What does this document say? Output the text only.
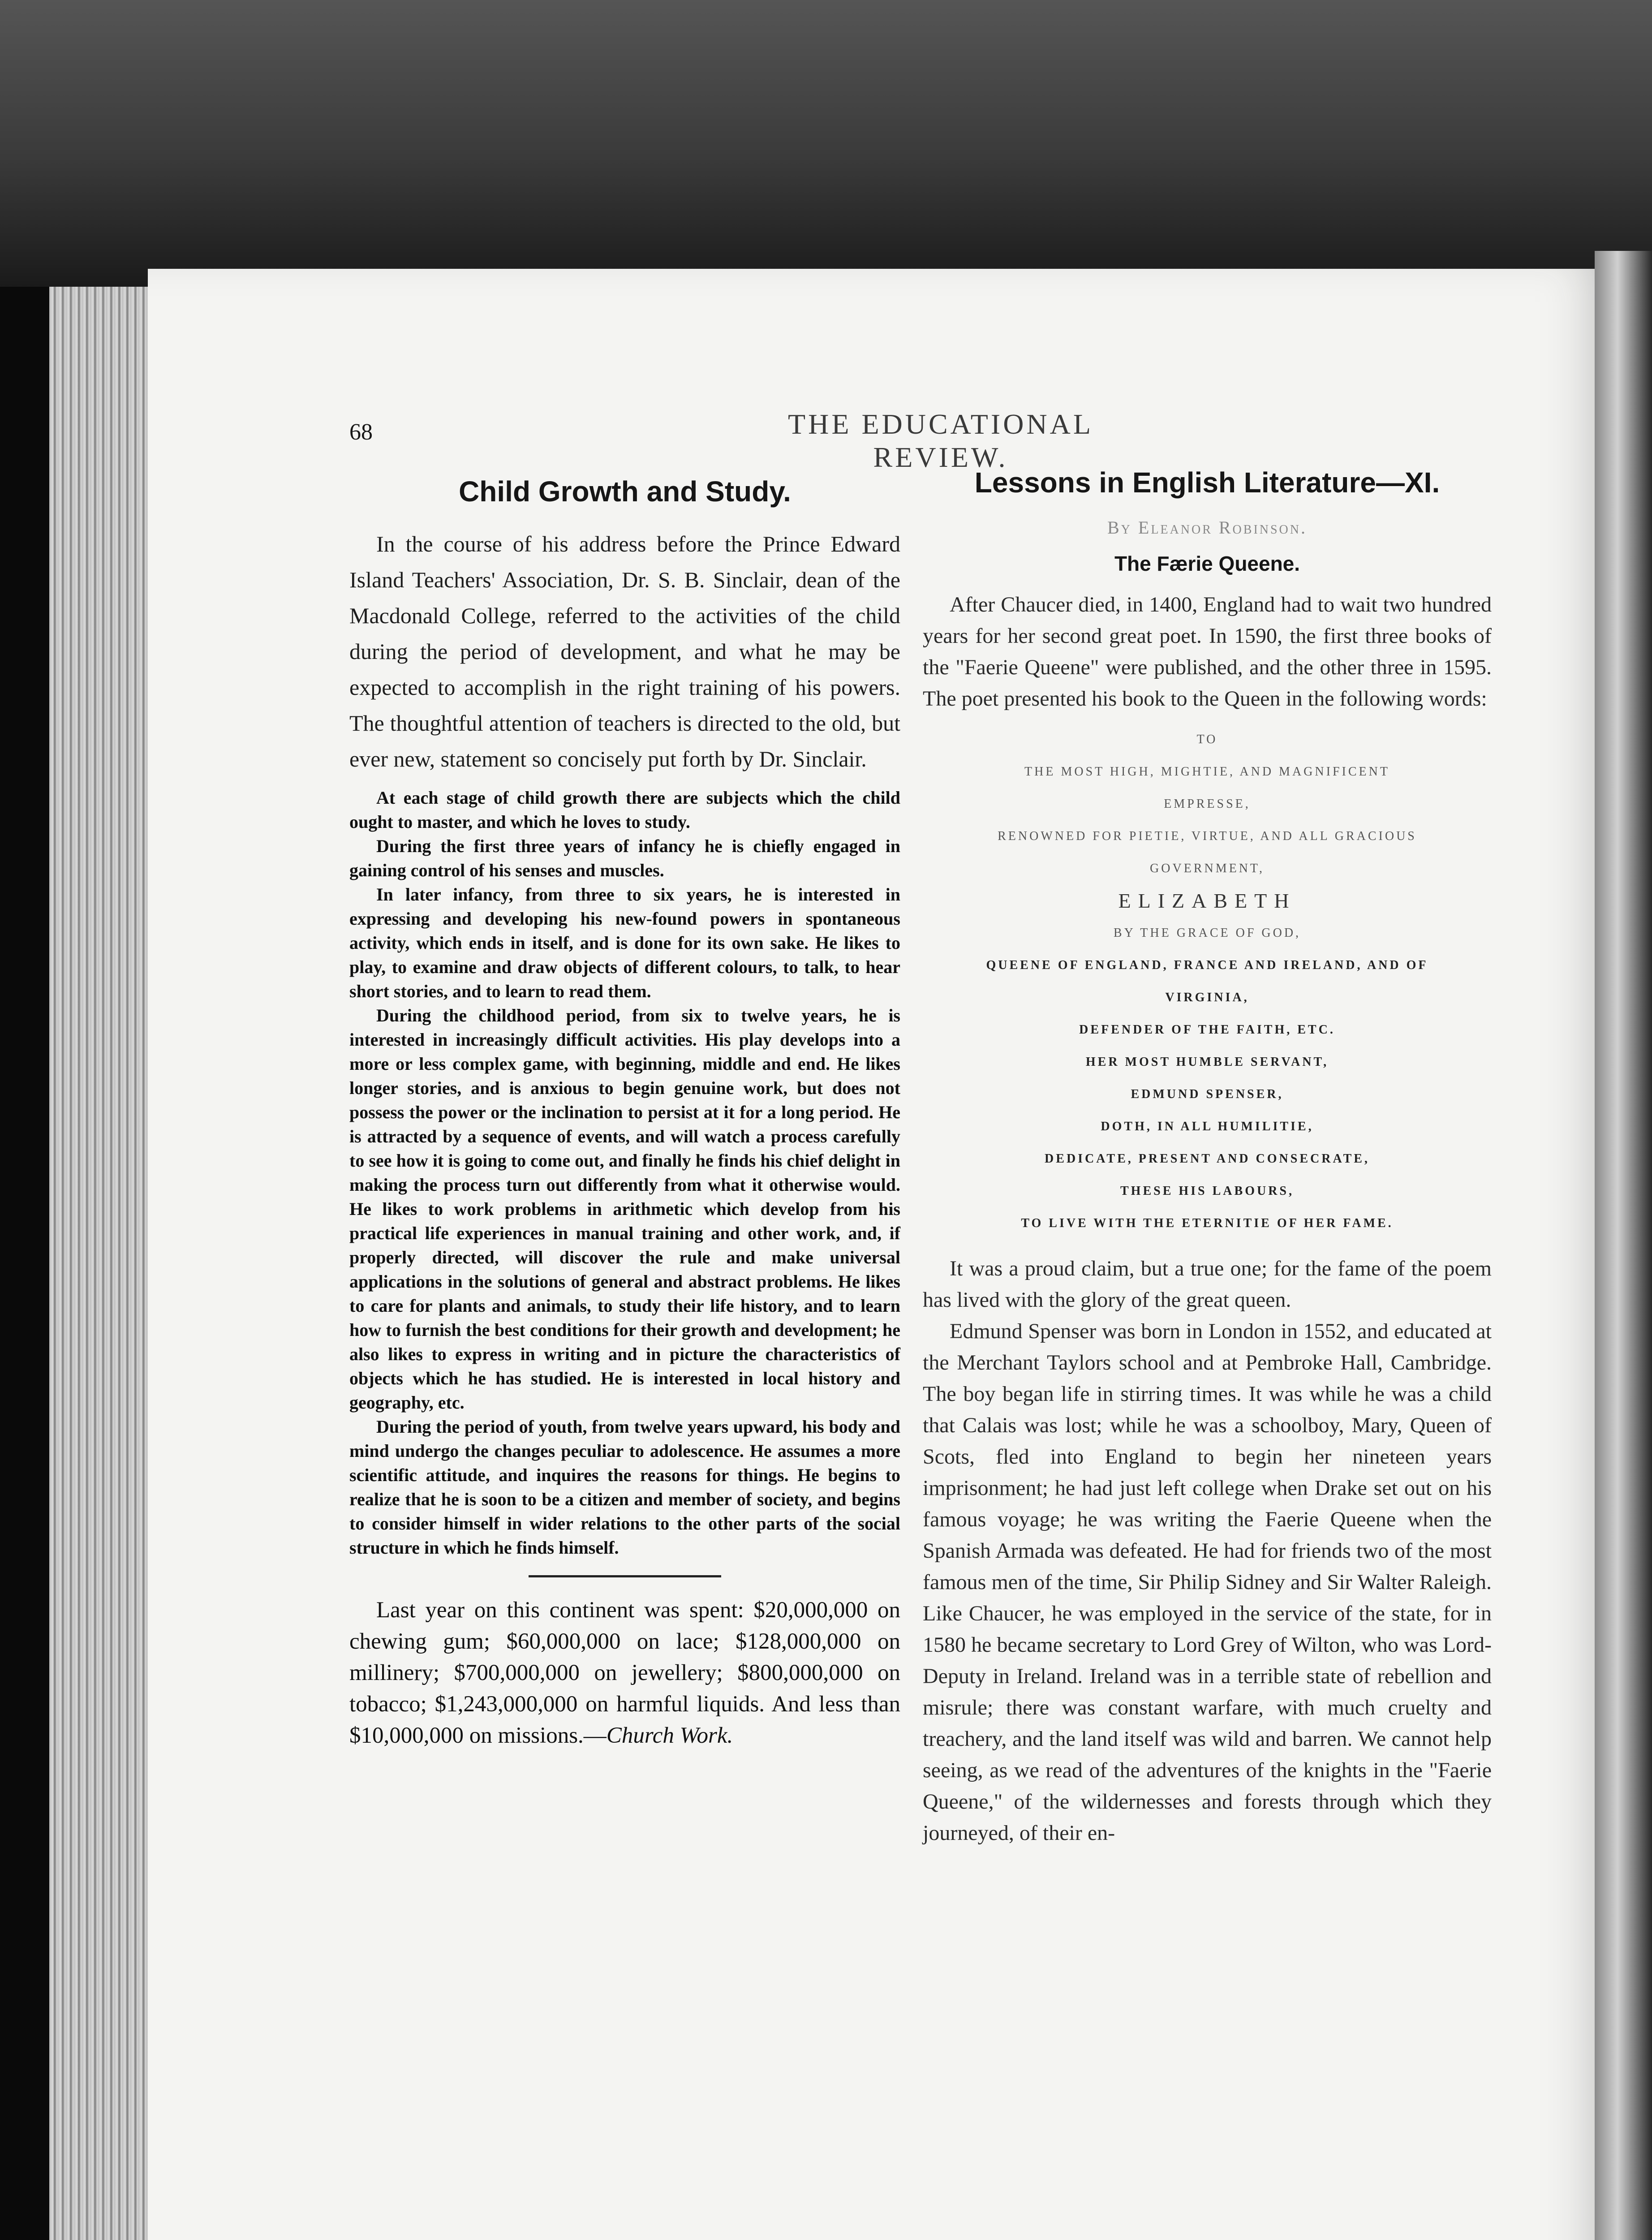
68	THE EDUCATIONAL REVIEW.

Child Growth and Study.

In the course of his address before the Prince Edward Island Teachers' Association, Dr. S. B. Sinclair, dean of the Macdonald College, referred to the activities of the child during the period of development, and what he may be expected to accomplish in the right training of his powers. The thoughtful attention of teachers is directed to the old, but ever new, statement so concisely put forth by Dr. Sinclair.

At each stage of child growth there are subjects which the child ought to master, and which he loves to study.

During the first three years of infancy he is chiefly engaged in gaining control of his senses and muscles.

In later infancy, from three to six years, he is interested in expressing and developing his new-found powers in spontaneous activity, which ends in itself, and is done for its own sake. He likes to play, to examine and draw objects of different colours, to talk, to hear short stories, and to learn to read them.

During the childhood period, from six to twelve years, he is interested in increasingly difficult activities. His play develops into a more or less complex game, with beginning, middle and end. He likes longer stories, and is anxious to begin genuine work, but does not possess the power or the inclination to persist at it for a long period. He is attracted by a sequence of events, and will watch a process carefully to see how it is going to come out, and finally he finds his chief delight in making the process turn out differently from what it otherwise would. He likes to work problems in arithmetic which develop from his practical life experiences in manual training and other work, and, if properly directed, will discover the rule and make universal applications in the solutions of general and abstract problems. He likes to care for plants and animals, to study their life history, and to learn how to furnish the best conditions for their growth and development; he also likes to express in writing and in picture the characteristics of objects which he has studied. He is interested in local history and geography, etc.

During the period of youth, from twelve years upward, his body and mind undergo the changes peculiar to adolescence. He assumes a more scientific attitude, and inquires the reasons for things. He begins to realize that he is soon to be a citizen and member of society, and begins to consider himself in wider relations to the other parts of the social structure in which he finds himself.

Last year on this continent was spent: $20,000,000 on chewing gum; $60,000,000 on lace; $128,000,000 on millinery; $700,000,000 on jewellery; $800,000,000 on tobacco; $1,243,000,000 on harmful liquids. And less than $10,000,000 on missions.—Church Work.

Lessons in English Literature—XI.

By Eleanor Robinson.

The Færie Queene.

After Chaucer died, in 1400, England had to wait two hundred years for her second great poet. In 1590, the first three books of the "Faerie Queene" were published, and the other three in 1595. The poet presented his book to the Queen in the following words:

TO
THE MOST HIGH, MIGHTIE, AND MAGNIFICENT
EMPRESSE,
RENOWNED FOR PIETIE, VIRTUE, AND ALL GRACIOUS
GOVERNMENT,
ELIZABETH
BY THE GRACE OF GOD,
QUEENE OF ENGLAND, FRANCE AND IRELAND, AND OF
VIRGINIA,
DEFENDER OF THE FAITH, ETC.
HER MOST HUMBLE SERVANT,
EDMUND SPENSER,
DOTH, IN ALL HUMILITIE,
DEDICATE, PRESENT AND CONSECRATE,
THESE HIS LABOURS,
TO LIVE WITH THE ETERNITIE OF HER FAME.

It was a proud claim, but a true one; for the fame of the poem has lived with the glory of the great queen.

Edmund Spenser was born in London in 1552, and educated at the Merchant Taylors school and at Pembroke Hall, Cambridge. The boy began life in stirring times. It was while he was a child that Calais was lost; while he was a schoolboy, Mary, Queen of Scots, fled into England to begin her nineteen years imprisonment; he had just left college when Drake set out on his famous voyage; he was writing the Faerie Queene when the Spanish Armada was defeated. He had for friends two of the most famous men of the time, Sir Philip Sidney and Sir Walter Raleigh. Like Chaucer, he was employed in the service of the state, for in 1580 he became secretary to Lord Grey of Wilton, who was Lord-Deputy in Ireland. Ireland was in a terrible state of rebellion and misrule; there was constant warfare, with much cruelty and treachery, and the land itself was wild and barren. We cannot help seeing, as we read of the adventures of the knights in the "Faerie Queene," of the wildernesses and forests through which they journeyed, of their en-
